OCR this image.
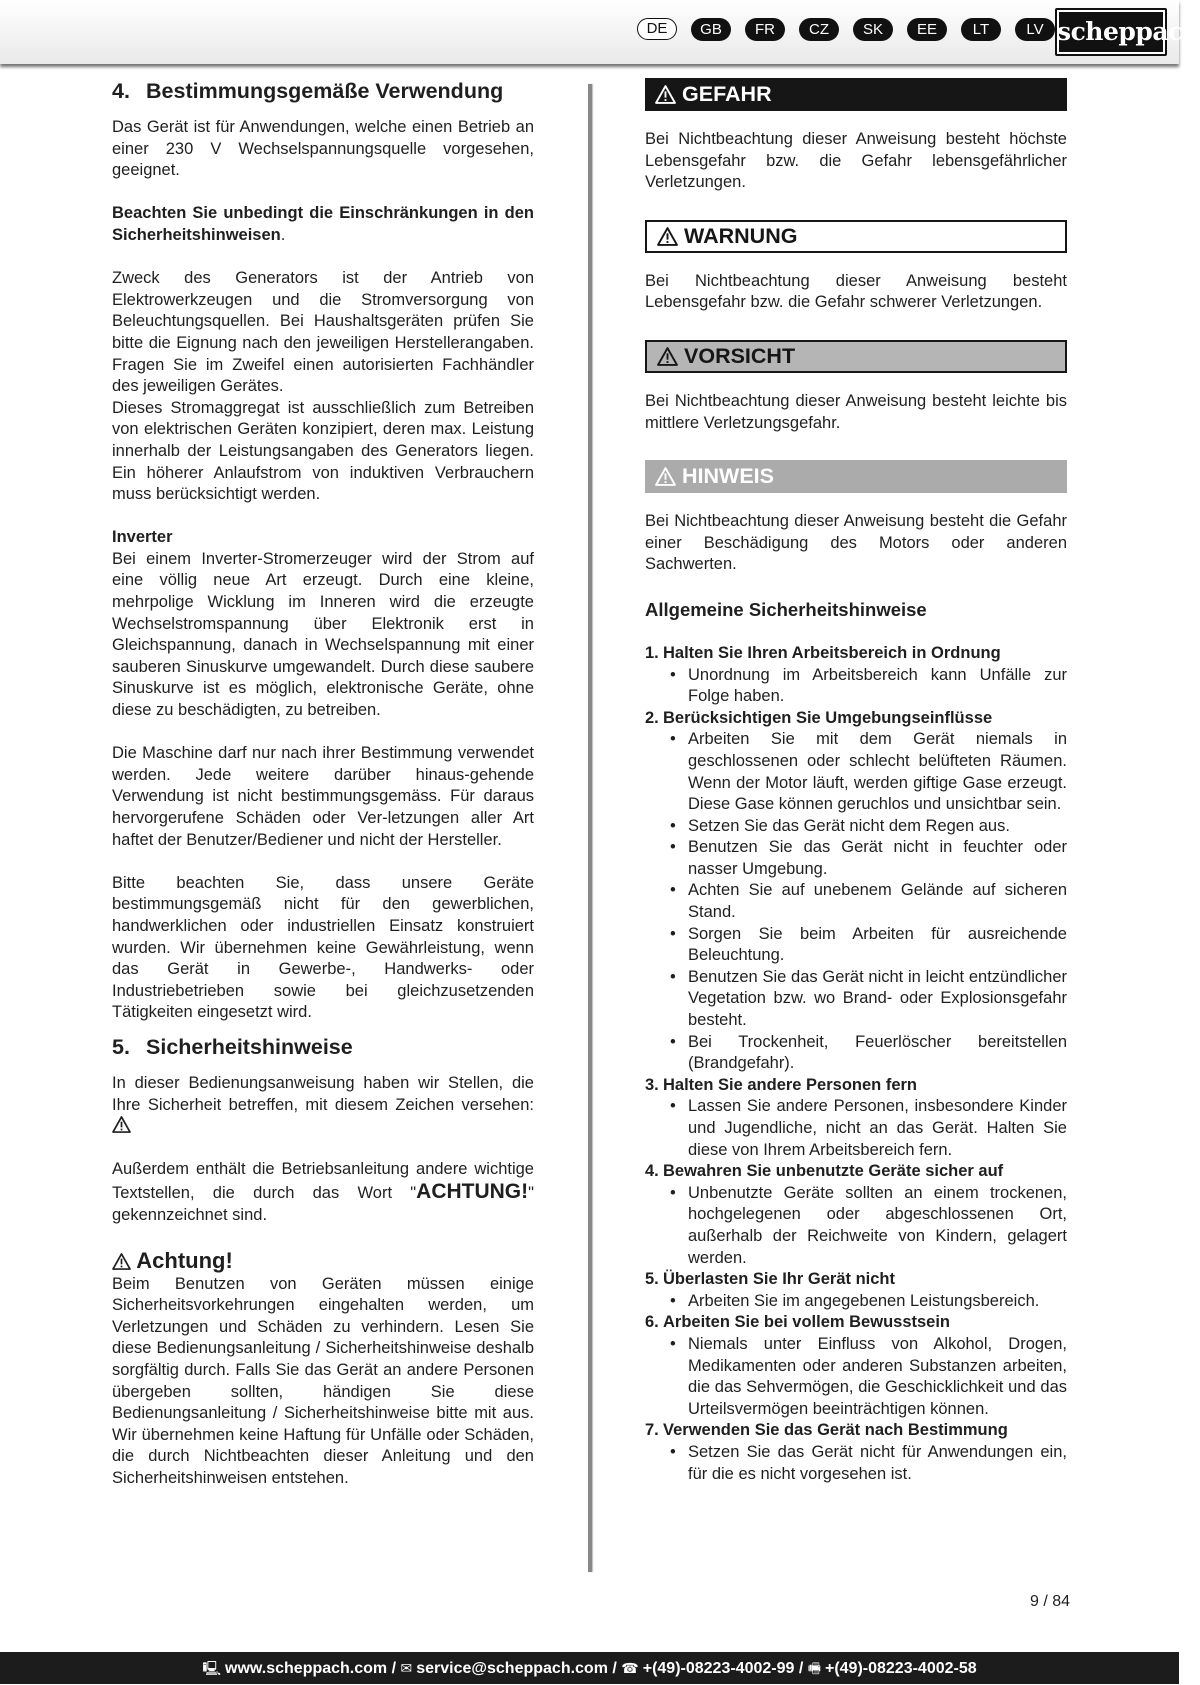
DE	GB	FR	CZ	SK	EE	LT	LV scheppach
4. Bestimmungsgemäße Verwendung

Das Gerät ist für Anwendungen, welche einen Betrieb an einer 230 V Wechselspannungsquelle vorgesehen, geeignet.

Beachten Sie unbedingt die Einschränkungen in den Sicherheitshinweisen.

Zweck des Generators ist der Antrieb von Elektrowerkzeugen und die Stromversorgung von Beleuchtungsquellen. Bei Haushaltsgeräten prüfen Sie bitte die Eignung nach den jeweiligen Herstellerangaben. Fragen Sie im Zweifel einen autorisierten Fachhändler des jeweiligen Gerätes.

Dieses Stromaggregat ist ausschließlich zum Betreiben von elektrischen Geräten konzipiert, deren max. Leistung innerhalb der Leistungsangaben des Generators liegen. Ein höherer Anlaufstrom von induktiven Verbrauchern muss berücksichtigt werden.

Inverter

Bei einem Inverter-Stromerzeuger wird der Strom auf eine völlig neue Art erzeugt. Durch eine kleine, mehrpolige Wicklung im Inneren wird die erzeugte Wechselstromspannung über Elektronik erst in Gleichspannung, danach in Wechselspannung mit einer sauberen Sinuskurve umgewandelt. Durch diese saubere Sinuskurve ist es möglich, elektronische Geräte, ohne diese zu beschädigten, zu betreiben.

Die Maschine darf nur nach ihrer Bestimmung verwendet werden. Jede weitere darüber hinaus-gehende Verwendung ist nicht bestimmungsgemäss. Für daraus hervorgerufene Schäden oder Ver-letzungen aller Art haftet der Benutzer/Bediener und nicht der Hersteller.

Bitte beachten Sie, dass unsere Geräte bestimmungsgemäß nicht für den gewerblichen, handwerklichen oder industriellen Einsatz konstruiert wurden. Wir übernehmen keine Gewährleistung, wenn das Gerät in Gewerbe-, Handwerks- oder Industriebetrieben sowie bei gleichzusetzenden Tätigkeiten eingesetzt wird.

5. Sicherheitshinweise

In dieser Bedienungsanweisung haben wir Stellen, die Ihre Sicherheit betreffen, mit diesem Zeichen versehen:

Außerdem enthält die Betriebsanleitung andere wichtige Textstellen, die durch das Wort "ACHTUNG!" gekennzeichnet sind.

Achtung!

Beim Benutzen von Geräten müssen einige Sicherheitsvorkehrungen eingehalten werden, um Verletzungen und Schäden zu verhindern. Lesen Sie diese Bedienungsanleitung / Sicherheitshinweise deshalb sorgfältig durch. Falls Sie das Gerät an andere Personen übergeben sollten, händigen Sie diese Bedienungsanleitung / Sicherheitshinweise bitte mit aus. Wir übernehmen keine Haftung für Unfälle oder Schäden, die durch Nichtbeachten dieser Anleitung und den Sicherheitshinweisen entstehen.

GEFAHR

Bei Nichtbeachtung dieser Anweisung besteht höchste Lebensgefahr bzw. die Gefahr lebensgefährlicher Verletzungen.

WARNUNG

Bei Nichtbeachtung dieser Anweisung besteht Lebensgefahr bzw. die Gefahr schwerer Verletzungen.

VORSICHT

Bei Nichtbeachtung dieser Anweisung besteht leichte bis mittlere Verletzungsgefahr.

HINWEIS

Bei Nichtbeachtung dieser Anweisung besteht die Gefahr einer Beschädigung des Motors oder anderen Sachwerten.

Allgemeine Sicherheitshinweise

1. Halten Sie Ihren Arbeitsbereich in Ordnung
• Unordnung im Arbeitsbereich kann Unfälle zur Folge haben.
2. Berücksichtigen Sie Umgebungseinflüsse
• Arbeiten Sie mit dem Gerät niemals in geschlossenen oder schlecht belüfteten Räumen. Wenn der Motor läuft, werden giftige Gase erzeugt. Diese Gase können geruchlos und unsichtbar sein.
• Setzen Sie das Gerät nicht dem Regen aus.
• Benutzen Sie das Gerät nicht in feuchter oder nasser Umgebung.
• Achten Sie auf unebenem Gelände auf sicheren Stand.
• Sorgen Sie beim Arbeiten für ausreichende Beleuchtung.
• Benutzen Sie das Gerät nicht in leicht entzündlicher Vegetation bzw. wo Brand- oder Explosionsgefahr besteht.
• Bei Trockenheit, Feuerlöscher bereitstellen (Brandgefahr).
3. Halten Sie andere Personen fern
• Lassen Sie andere Personen, insbesondere Kinder und Jugendliche, nicht an das Gerät. Halten Sie diese von Ihrem Arbeitsbereich fern.
4. Bewahren Sie unbenutzte Geräte sicher auf
• Unbenutzte Geräte sollten an einem trockenen, hochgelegenen oder abgeschlossenen Ort, außerhalb der Reichweite von Kindern, gelagert werden.
5. Überlasten Sie Ihr Gerät nicht
• Arbeiten Sie im angegebenen Leistungsbereich.
6. Arbeiten Sie bei vollem Bewusstsein
• Niemals unter Einfluss von Alkohol, Drogen, Medikamenten oder anderen Substanzen arbeiten, die das Sehvermögen, die Geschicklichkeit und das Urteilsvermögen beeinträchtigen können.
7. Verwenden Sie das Gerät nach Bestimmung
• Setzen Sie das Gerät nicht für Anwendungen ein, für die es nicht vorgesehen ist.
9 / 84
🖳 www.scheppach.com / ✉ service@scheppach.com / ☎ +(49)-08223-4002-99 / 🖷 +(49)-08223-4002-58
